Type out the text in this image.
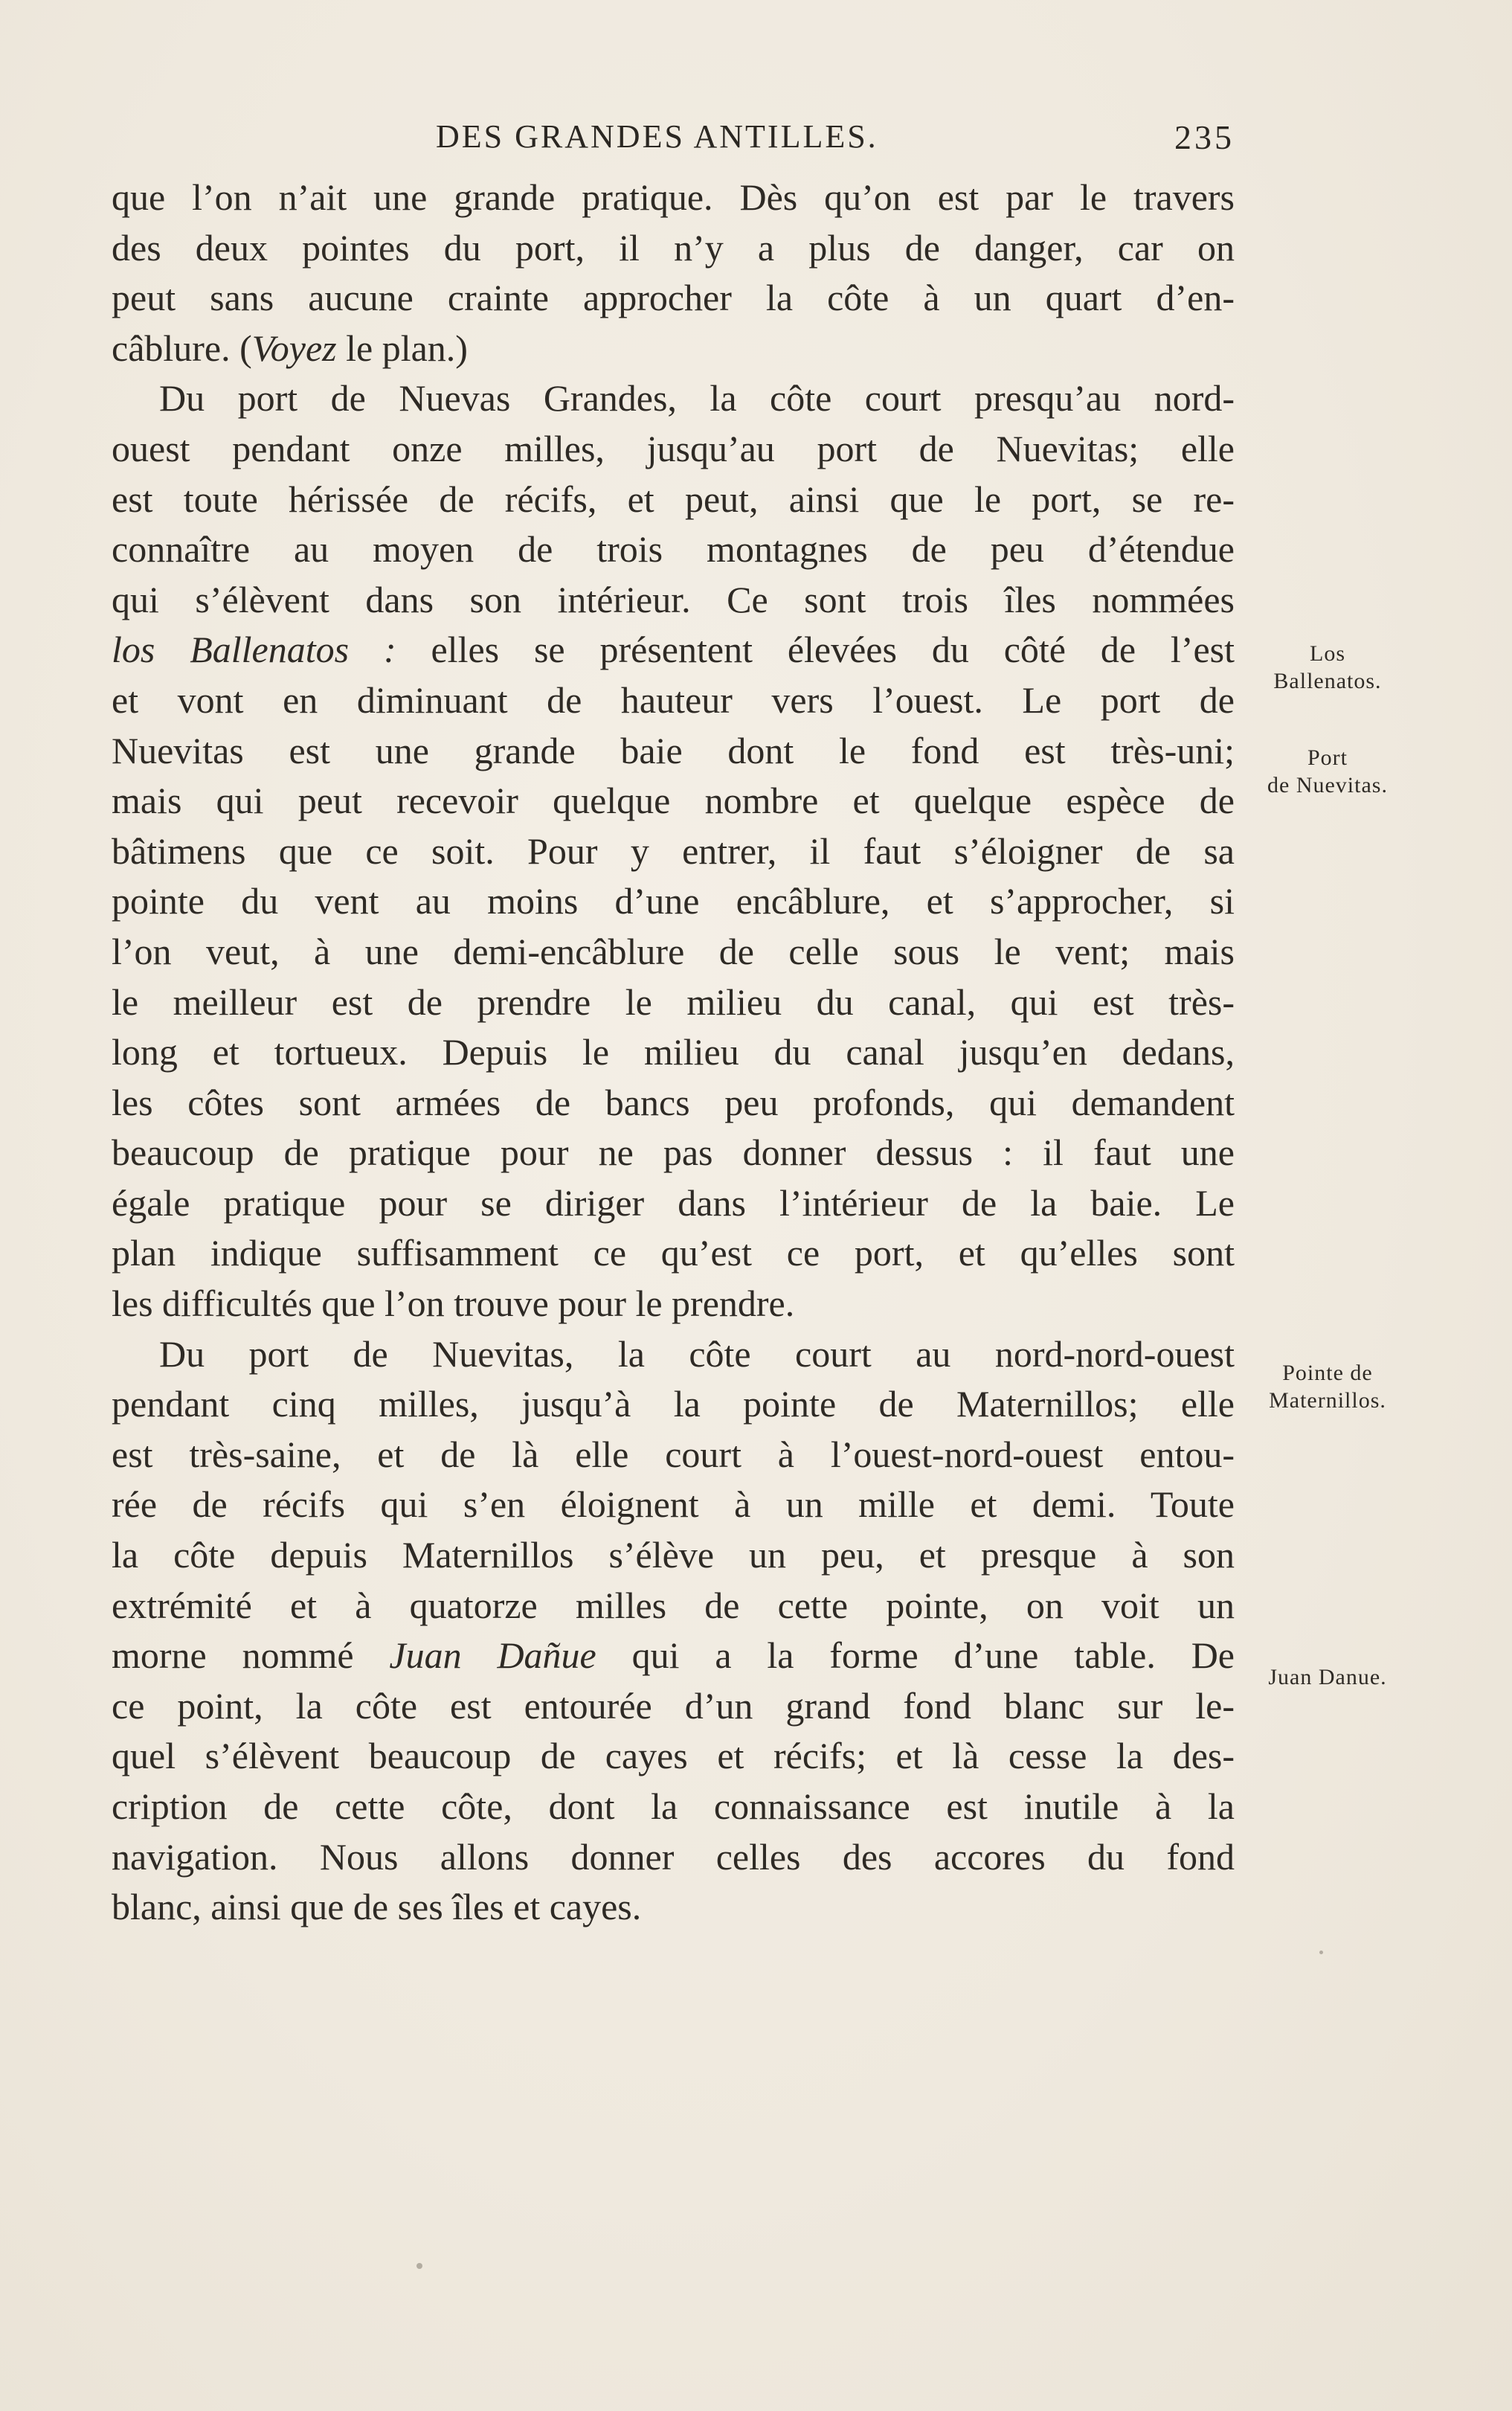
DES GRANDES ANTILLES.	235
que l’on n’ait une grande pratique. Dès qu’on est par le travers
des deux pointes du port, il n’y a plus de danger, car on
peut sans aucune crainte approcher la côte à un quart d’en-
câblure. (Voyez le plan.)
Du port de Nuevas Grandes, la côte court presqu’au nord-
ouest pendant onze milles, jusqu’au port de Nuevitas; elle
est toute hérissée de récifs, et peut, ainsi que le port, se re-
connaître au moyen de trois montagnes de peu d’étendue
qui s’élèvent dans son intérieur. Ce sont trois îles nommées
los Ballenatos : elles se présentent élevées du côté de l’est
et vont en diminuant de hauteur vers l’ouest. Le port de
Nuevitas est une grande baie dont le fond est très-uni;
mais qui peut recevoir quelque nombre et quelque espèce de
bâtimens que ce soit. Pour y entrer, il faut s’éloigner de sa
pointe du vent au moins d’une encâblure, et s’approcher, si
l’on veut, à une demi-encâblure de celle sous le vent; mais
le meilleur est de prendre le milieu du canal, qui est très-
long et tortueux. Depuis le milieu du canal jusqu’en dedans,
les côtes sont armées de bancs peu profonds, qui demandent
beaucoup de pratique pour ne pas donner dessus : il faut une
égale pratique pour se diriger dans l’intérieur de la baie. Le
plan indique suffisamment ce qu’est ce port, et qu’elles sont
les difficultés que l’on trouve pour le prendre.
Du port de Nuevitas, la côte court au nord-nord-ouest
pendant cinq milles, jusqu’à la pointe de Maternillos; elle
est très-saine, et de là elle court à l’ouest-nord-ouest entou-
rée de récifs qui s’en éloignent à un mille et demi. Toute
la côte depuis Maternillos s’élève un peu, et presque à son
extrémité et à quatorze milles de cette pointe, on voit un
morne nommé Juan Dañue qui a la forme d’une table. De
ce point, la côte est entourée d’un grand fond blanc sur le-
quel s’élèvent beaucoup de cayes et récifs; et là cesse la des-
cription de cette côte, dont la connaissance est inutile à la
navigation. Nous allons donner celles des accores du fond
blanc, ainsi que de ses îles et cayes.
Los
Ballenatos.
Port
de Nuevitas.
Pointe de
Maternillos.
Juan Danue.
